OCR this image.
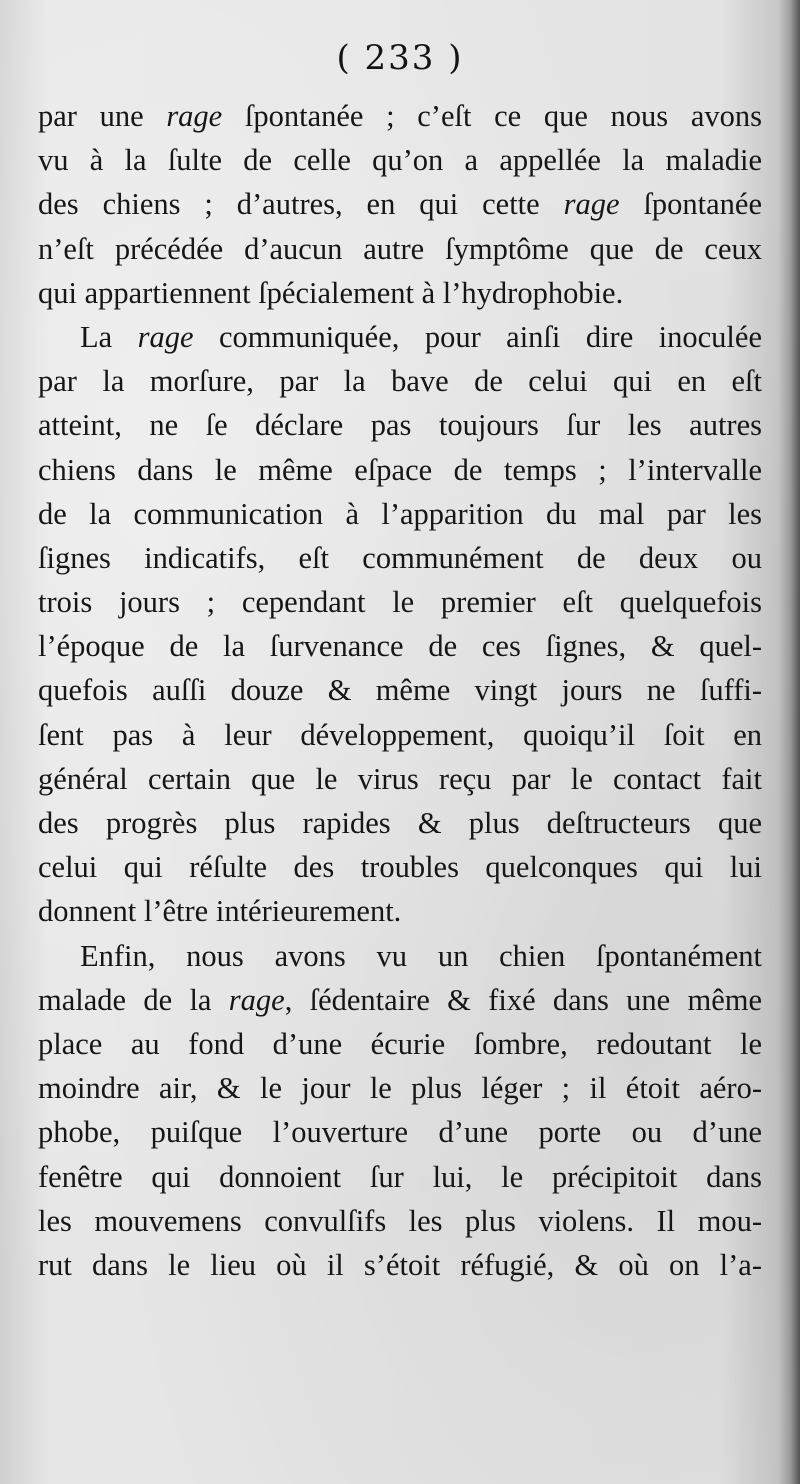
( 233 )
par une rage ſpontanée ; c’eſt ce que nous avons
vu à la ſulte de celle qu’on a appellée la maladie
des chiens ; d’autres, en qui cette rage ſpontanée
n’eſt précédée d’aucun autre ſymptôme que de ceux
qui appartiennent ſpécialement à l’hydrophobie.
La rage communiquée, pour ainſi dire inoculée
par la morſure, par la bave de celui qui en eſt
atteint, ne ſe déclare pas toujours ſur les autres
chiens dans le même eſpace de temps ; l’intervalle
de la communication à l’apparition du mal par les
ſignes indicatifs, eſt communément de deux ou
trois jours ; cependant le premier eſt quelquefois
l’époque de la ſurvenance de ces ſignes, & quel-
quefois auſſi douze & même vingt jours ne ſuffi-
ſent pas à leur développement, quoiqu’il ſoit en
général certain que le virus reçu par le contact fait
des progrès plus rapides & plus deſtructeurs que
celui qui réſulte des troubles quelconques qui lui
donnent l’être intérieurement.
Enfin, nous avons vu un chien ſpontanément
malade de la rage, ſédentaire & fixé dans une même
place au fond d’une écurie ſombre, redoutant le
moindre air, & le jour le plus léger ; il étoit aéro-
phobe, puiſque l’ouverture d’une porte ou d’une
fenêtre qui donnoient ſur lui, le précipitoit dans
les mouvemens convulſifs les plus violens. Il mou-
rut dans le lieu où il s’étoit réfugié, & où on l’a-
